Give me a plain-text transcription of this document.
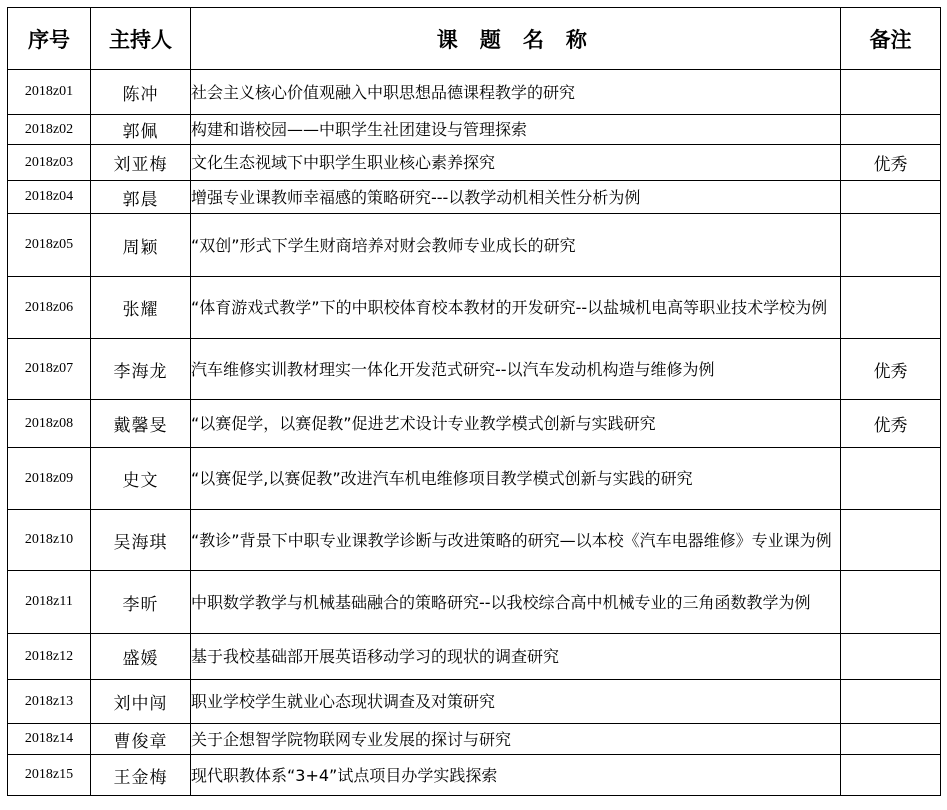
序号	主持人	课 题 名 称	备注
2018z01	陈冲	社会主义核心价值观融入中职思想品德课程教学的研究	
2018z02	郭佩	构建和谐校园——中职学生社团建设与管理探索	
2018z03	刘亚梅	文化生态视域下中职学生职业核心素养探究	优秀
2018z04	郭晨	增强专业课教师幸福感的策略研究---以教学动机相关性分析为例	
2018z05	周颖	“双创”形式下学生财商培养对财会教师专业成长的研究	
2018z06	张耀	“体育游戏式教学”下的中职校体育校本教材的开发研究--以盐城机电高等职业技术学校为例	
2018z07	李海龙	汽车维修实训教材理实一体化开发范式研究--以汽车发动机构造与维修为例	优秀
2018z08	戴馨旻	“以赛促学，以赛促教”促进艺术设计专业教学模式创新与实践研究	优秀
2018z09	史文	“以赛促学,以赛促教”改进汽车机电维修项目教学模式创新与实践的研究	
2018z10	吴海琪	“教诊”背景下中职专业课教学诊断与改进策略的研究—以本校《汽车电器维修》专业课为例	
2018z11	李昕	中职数学教学与机械基础融合的策略研究--以我校综合高中机械专业的三角函数教学为例	
2018z12	盛媛	基于我校基础部开展英语移动学习的现状的调查研究	
2018z13	刘中闯	职业学校学生就业心态现状调查及对策研究	
2018z14	曹俊章	关于企想智学院物联网专业发展的探讨与研究	
2018z15	王金梅	现代职教体系“3+4”试点项目办学实践探索	
